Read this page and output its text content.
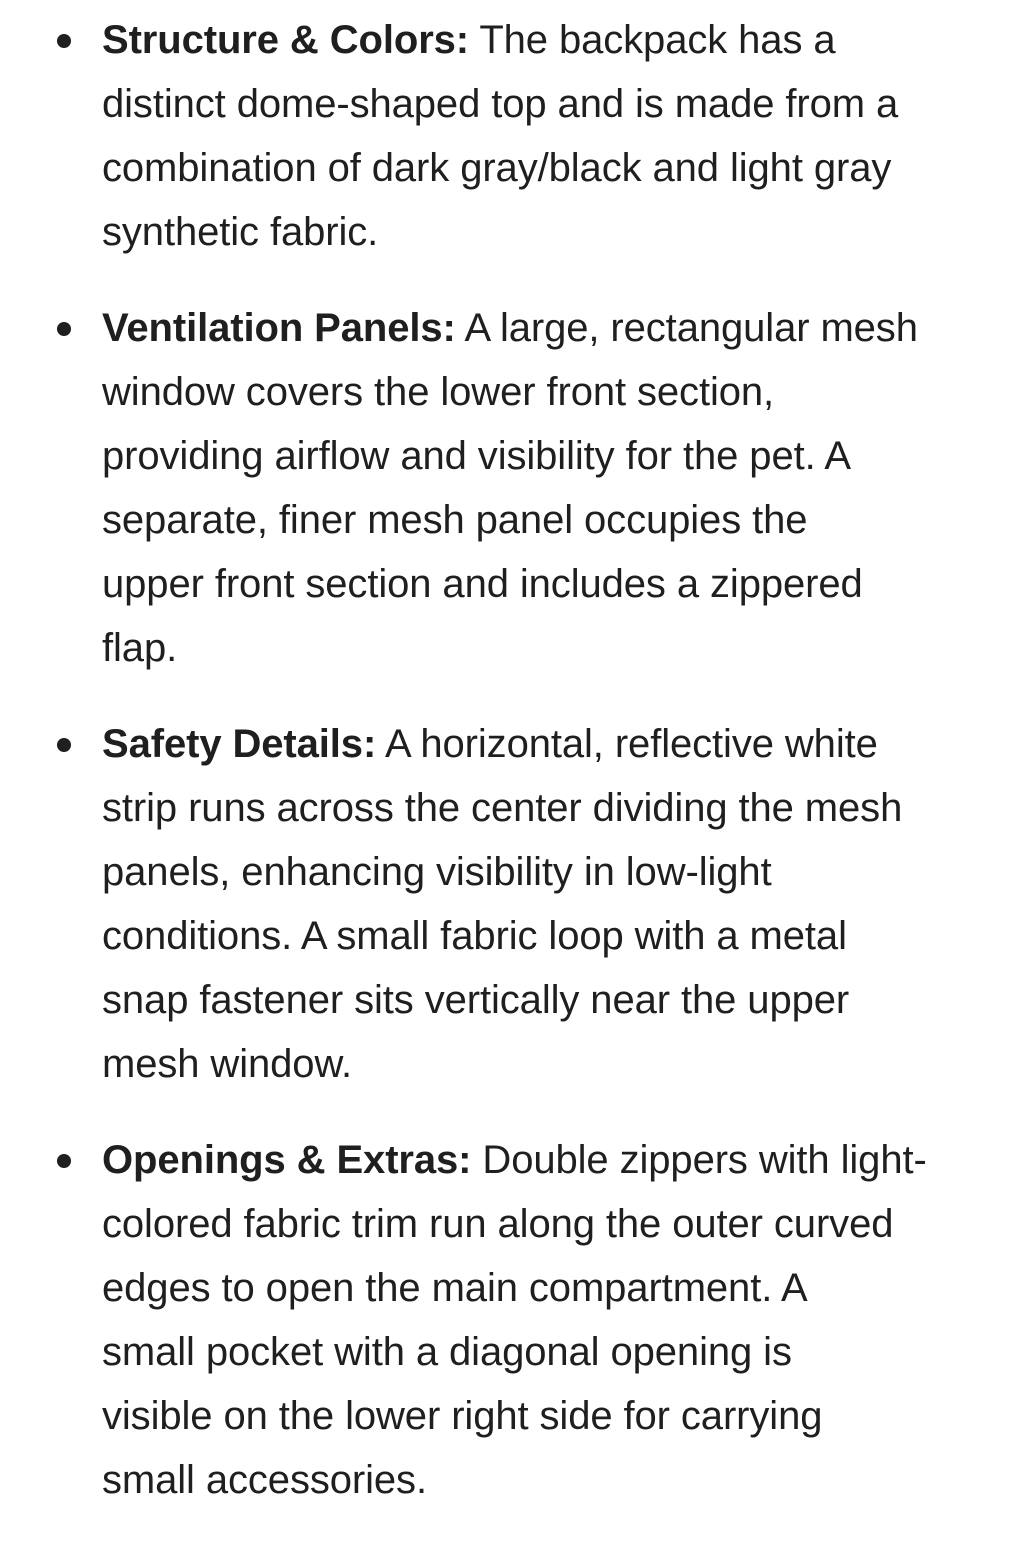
Structure & Colors: The backpack has a
distinct dome-shaped top and is made from a
combination of dark gray/black and light gray
synthetic fabric.
Ventilation Panels: A large, rectangular mesh
window covers the lower front section,
providing airflow and visibility for the pet. A
separate, finer mesh panel occupies the
upper front section and includes a zippered
flap.
Safety Details: A horizontal, reflective white
strip runs across the center dividing the mesh
panels, enhancing visibility in low-light
conditions. A small fabric loop with a metal
snap fastener sits vertically near the upper
mesh window.
Openings & Extras: Double zippers with light-
colored fabric trim run along the outer curved
edges to open the main compartment. A
small pocket with a diagonal opening is
visible on the lower right side for carrying
small accessories.
